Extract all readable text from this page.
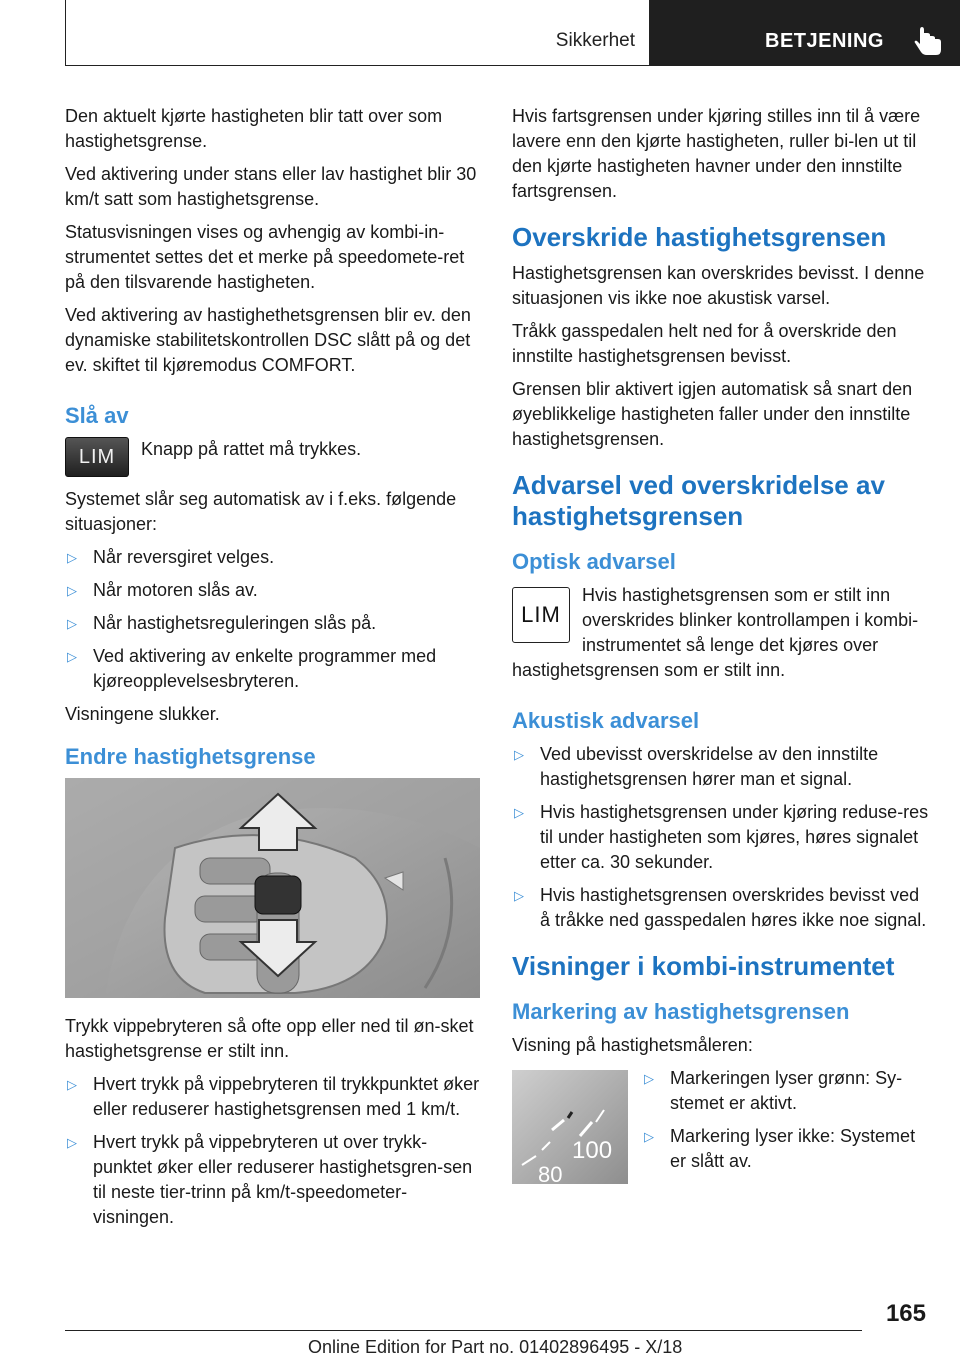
Sikkerhet	BETJENING

Den aktuelt kjørte hastigheten blir tatt over som hastighetsgrense.

Ved aktivering under stans eller lav hastighet blir 30 km/t satt som hastighetsgrense.

Statusvisningen vises og avhengig av kombi-in-strumentet settes det et merke på speedomete-ret på den tilsvarende hastigheten.

Ved aktivering av hastighethetsgrensen blir ev. den dynamiske stabilitetskontrollen DSC slått på og det ev. skiftet til kjøremodus COMFORT.

Slå av
LIM	Knapp på rattet må trykkes.

Systemet slår seg automatisk av i f.eks. følgende situasjoner:

▷ Når reversgiret velges.
▷ Når motoren slås av.
▷ Når hastighetsreguleringen slås på.
▷ Ved aktivering av enkelte programmer med kjøreopplevelsesbryteren.

Visningene slukker.

Endre hastighetsgrense

Trykk vippebryteren så ofte opp eller ned til øn-sket hastighetsgrense er stilt inn.

▷ Hvert trykk på vippebryteren til trykkpunktet øker eller reduserer hastighetsgrensen med 1 km/t.
▷ Hvert trykk på vippebryteren ut over trykk-punktet øker eller reduserer hastighetsgren-sen til neste tier-trinn på km/t-speedometer-visningen.

Hvis fartsgrensen under kjøring stilles inn til å være lavere enn den kjørte hastigheten, ruller bi-len ut til den kjørte hastigheten havner under den innstilte fartsgrensen.

Overskride hastighetsgrensen

Hastighetsgrensen kan overskrides bevisst. I denne situasjonen vis ikke noe akustisk varsel.

Tråkk gasspedalen helt ned for å overskride den innstilte hastighetsgrensen bevisst.

Grensen blir aktivert igjen automatisk så snart den øyeblikkelige hastigheten faller under den innstilte hastighetsgrensen.

Advarsel ved overskridelse av hastighetsgrensen
Optisk advarsel
LIM

Hvis hastighetsgrensen som er stilt inn overskrides blinker kontrollampen i kombi-instrumentet så lenge det kjøres over hastighetsgrensen som er stilt inn.

Akustisk advarsel
▷ Ved ubevisst overskridelse av den innstilte hastighetsgrensen hører man et signal.
▷ Hvis hastighetsgrensen under kjøring reduse-res til under hastigheten som kjøres, høres signalet etter ca. 30 sekunder.
▷ Hvis hastighetsgrensen overskrides bevisst ved å tråkke ned gasspedalen høres ikke noe signal.
Visninger i kombi-instrumentet
Markering av hastighetsgrensen

Visning på hastighetsmåleren:

100
80
▷ Markeringen lyser grønn: Sy-stemet er aktivt.
▷ Markering lyser ikke: Systemet er slått av.
165
Online Edition for Part no. 01402896495 - X/18
